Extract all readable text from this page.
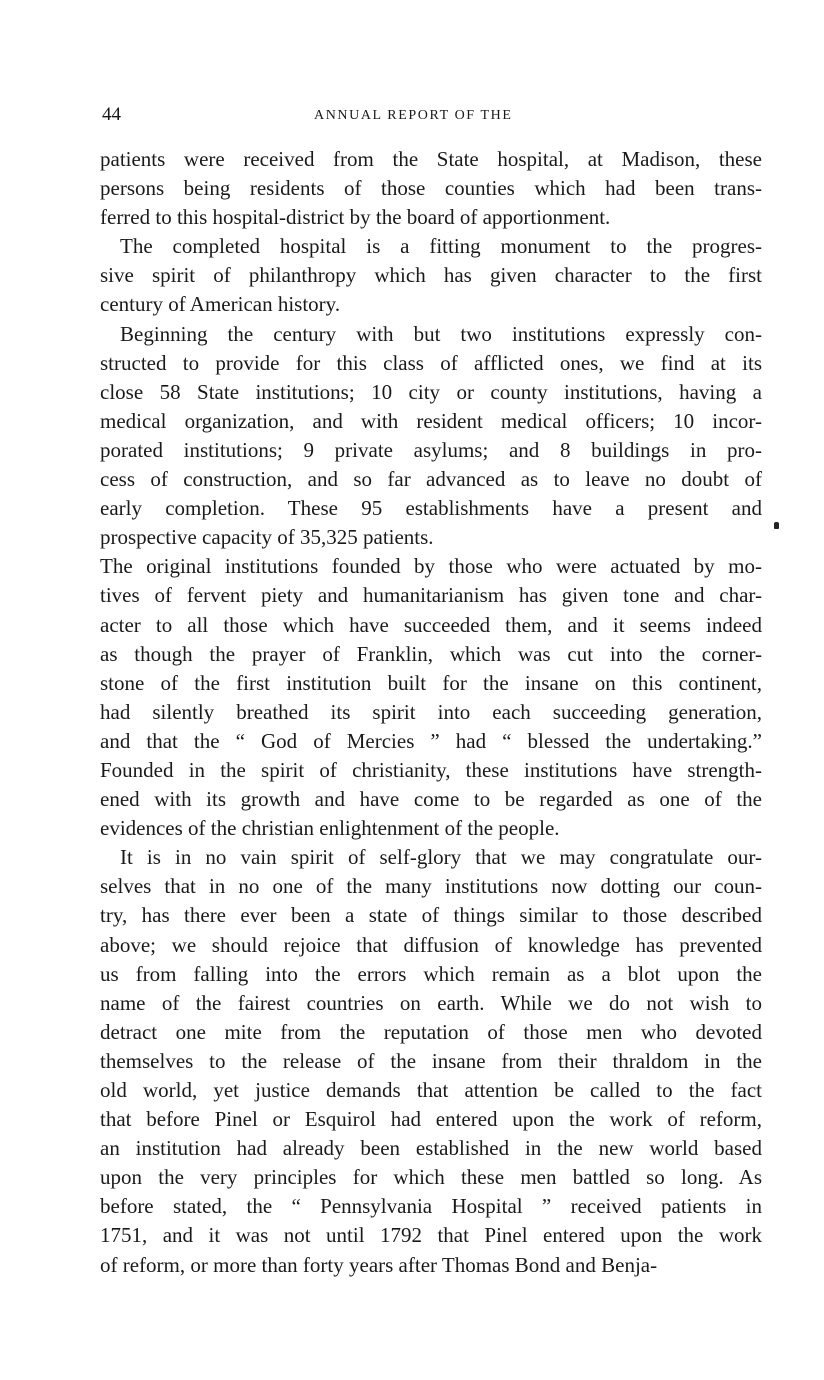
44	ANNUAL REPORT OF THE
patients were received from the State hospital, at Madison, these
persons being residents of those counties which had been trans-
ferred to this hospital-district by the board of apportionment.
The completed hospital is a fitting monument to the progres-
sive spirit of philanthropy which has given character to the first
century of American history.
Beginning the century with but two institutions expressly con-
structed to provide for this class of afflicted ones, we find at its
close 58 State institutions; 10 city or county institutions, having a
medical organization, and with resident medical officers; 10 incor-
porated institutions; 9 private asylums; and 8 buildings in pro-
cess of construction, and so far advanced as to leave no doubt of
early completion. These 95 establishments have a present and
prospective capacity of 35,325 patients.
The original institutions founded by those who were actuated by mo-
tives of fervent piety and humanitarianism has given tone and char-
acter to all those which have succeeded them, and it seems indeed
as though the prayer of Franklin, which was cut into the corner-
stone of the first institution built for the insane on this continent,
had silently breathed its spirit into each succeeding generation,
and that the “ God of Mercies ” had “ blessed the undertaking.”
Founded in the spirit of christianity, these institutions have strength-
ened with its growth and have come to be regarded as one of the
evidences of the christian enlightenment of the people.
It is in no vain spirit of self-glory that we may congratulate our-
selves that in no one of the many institutions now dotting our coun-
try, has there ever been a state of things similar to those described
above; we should rejoice that diffusion of knowledge has prevented
us from falling into the errors which remain as a blot upon the
name of the fairest countries on earth. While we do not wish to
detract one mite from the reputation of those men who devoted
themselves to the release of the insane from their thraldom in the
old world, yet justice demands that attention be called to the fact
that before Pinel or Esquirol had entered upon the work of reform,
an institution had already been established in the new world based
upon the very principles for which these men battled so long. As
before stated, the “ Pennsylvania Hospital ” received patients in
1751, and it was not until 1792 that Pinel entered upon the work
of reform, or more than forty years after Thomas Bond and Benja-
